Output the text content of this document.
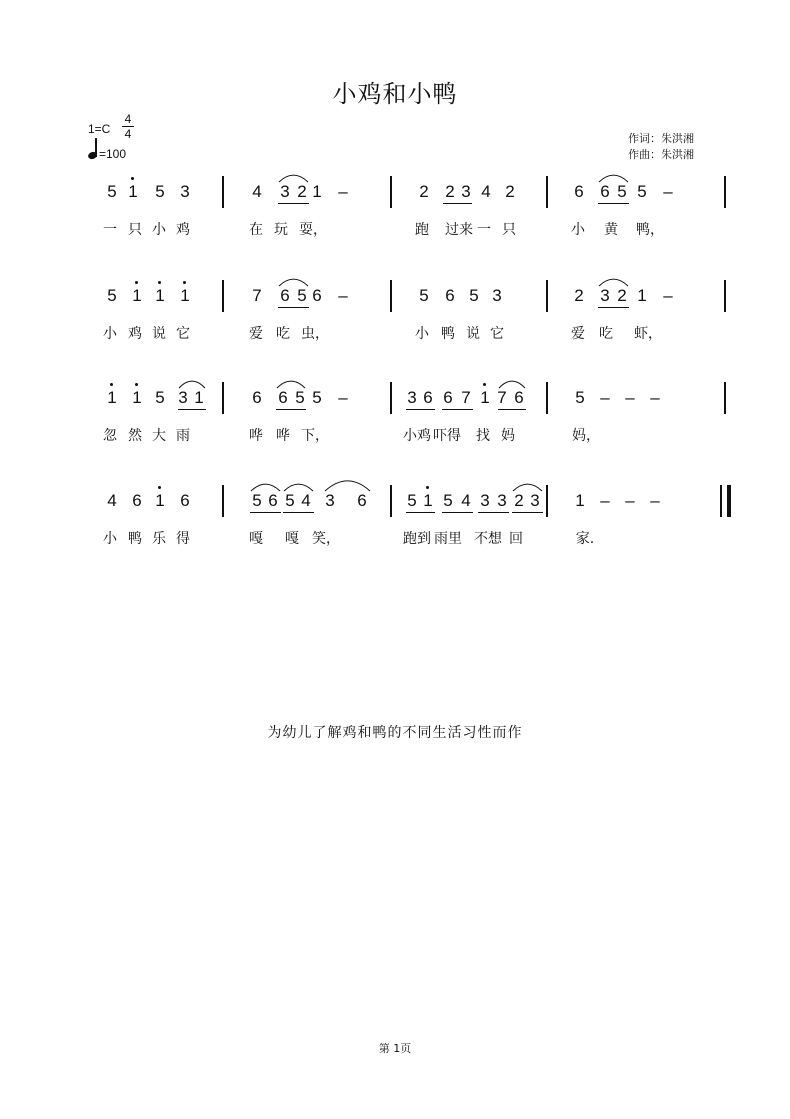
小鸡和小鸭
1=C
4
4
=100
作词：朱洪湘
作曲：朱洪湘
5 1 5 3	4 3 2 1 –	2 2 3 4 2	6 6 5 5 –
一 只 小 鸡	在 玩 耍，	跑 过来 一 只	小 黄 鸭，
5 1 1 1	7 6 5 6 –	5 6 5 3	2 3 2 1 –
小 鸡 说 它	爱 吃 虫，	小 鸭 说 它	爱 吃 虾，
1 1 5 3 1	6 6 5 5 –	3 6 6 7 1 7 6	5 – – –
忽 然 大 雨	哗 哗 下，	小鸡 吓得 找 妈	妈，
4 6 1 6	5 6 5 4 3 6 5 1 5 4 3 3 2 3 1 – – –
小 鸭 乐 得	嘎 嘎 笑，	跑到 雨里 不想 回	家.
为幼儿了解鸡和鸭的不同生活习性而作
第 1页
